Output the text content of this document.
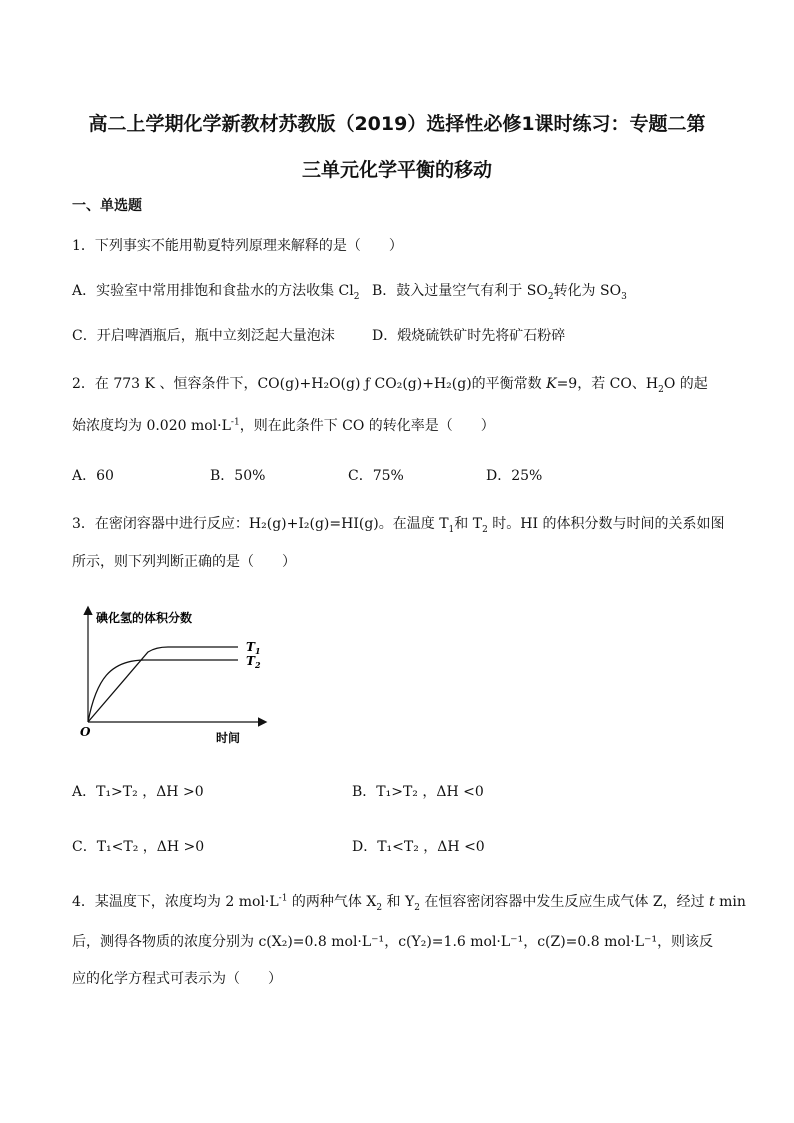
高二上学期化学新教材苏教版（2019）选择性必修1课时练习：专题二第
三单元化学平衡的移动
一、单选题
1．下列事实不能用勒夏特列原理来解释的是（　　）
A．实验室中常用排饱和食盐水的方法收集 $Cl_2$ B．鼓入过量空气有利于 $SO_2$转化为 $SO_3$
C．开启啤酒瓶后，瓶中立刻泛起大量泡沫	D．煅烧硫铁矿时先将矿石粉碎
2．在 773 K 、恒容条件下，CO(g)+H₂O(g) ƒ CO₂(g)+H₂(g)的平衡常数 K=9，若 CO、$H_2O$ 的起
始浓度均为 0.020 $mol\cdot L^{-1}$，则在此条件下 CO 的转化率是（　　）
A．60	B．50%	C．75%	D．25%
3．在密闭容器中进行反应：H₂(g)+I₂(g)=HI(g)。在温度 $T_1$和 $T_2$ 时。HI 的体积分数与时间的关系如图
所示，则下列判断正确的是（　　）
碘化氢的体积分数
时间
O
$T_1$
$T_2$
A．T₁>T₂ ，ΔH >0	B．T₁>T₂ ，ΔH <0
C．T₁<T₂ ，ΔH >0	D．T₁<T₂ ，ΔH <0
4．某温度下，浓度均为 2 $mol\cdot L^{-1}$ 的两种气体 $X_2$ 和 $Y_2$ 在恒容密闭容器中发生反应生成气体 Z，经过 t min
后，测得各物质的浓度分别为 c(X₂)=0.8 mol·L⁻¹，c(Y₂)=1.6 mol·L⁻¹，c(Z)=0.8 mol·L⁻¹，则该反
应的化学方程式可表示为（　　）
